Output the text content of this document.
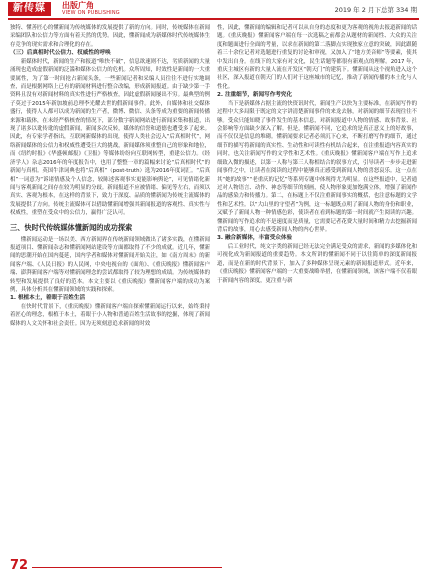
新传媒	出版广角
VIEW ON PUBLISHING	2019 年 2 月下总第 334 期

独特、懂善匠心的懂新闻为传统媒体的发展提供了新的方向。同时，传统媒体在新闻采编团队和公信力等方面有着天然的优势。因此，懂新闻成为新媒体时代传统媒体生存竞争的现实需求和合理化的存在。

（三）后真相时代公信力、权威性的呼唤

新媒体时代，新闻的生产和报道“唯快不破”，信息欲速则不达，劣质新闻的大量涌现也造成虚假新闻的泛滥和媒体公信力的危机。众所周知，时效性是新闻的一大重要属性，为了第一时间抢占新闻头条，一些新闻记者和采编人员往往不进行实地调查，而是根据网络上已有的新闻材料进行整合改编，形成新闻报道。由于缺少第一手资料且没有对新闻材料的真实性进行严格核查，因此虚假新闻屡出不穷。最典型的例子莫过于2015年新加坡前总理李光耀去世的假新闻事件。此外，自媒体和社交媒体盛行，使得人人都可以成为新闻的生产者，微博、微信、头条等成为重要的新闻传播来源和载体，在未经严格核查的情况下，部分数字新闻网站进行新闻采集和报道，出现了诸多以讹传讹的虚假新闻，新闻多次反转，媒体的信誉和道德也遭受多了起来。因此，有专家学者指出，互联网新媒体的出现，使得人类社会迈入“后真相时代”，网络新闻媒体的公信力和权威性遭受巨大的挑战，新闻媒体须重整自己的形象和地位，而《纽约时报》《华盛顿邮报》《卫报》等媒体纷纷向互联网转型，重建公信力。《经济学人》杂志2016年的年度报告中，也用了整整一章的篇幅来讨论“后真相时代”的新闻与真相。英国牛津词典也将“后真相”（post-truth）选为2016年度词汇。“后真相”一词意为“诉诸情感及个人信念，较陈述客观事实更能影响舆论”，可见情绪化新闻与客观新闻之间存在较为明显的分歧。新闻报道不应被情绪、偏见等左右，而须以真实、客观为根本，在这样的背景下，致力于深度、品质的懂新闻为传统主流媒体的发展提供了方向。传统主流媒体可以借助懂新闻增强其新闻报道的客观性、真实性与权威性，重塑在受众中的公信力，赢得广泛认可。

三、快时代传统媒体懂新闻的成功探索

懂新闻运动是一场以美、西方新闻界在传统新闻领域做出了诸多实践，在懂新闻报道项目、懂新闻杂志和懂新闻网站建设等方面都取得了不少的成就。近几年，懂新闻的思潮开始在国内蔓延，国内学者和媒体对懂新闻开始关注，如《南方周末》的新闻客户端、《人民日报》的人民网，中央电视台的《面角》、《重庆晚报》懂新闻客户端、澎湃新闻客户端等对懂新闻理念的尝试都取得了较为理想的成绩。为传统媒体的转型和发展提供了良好的范本。本文主要以《重庆晚报》懂新闻客户端的成功为案例，具体分析其在懂新闻领域的实践和探索。

1. 根植本土，着眼于百姓生活

在快时代背景下，《重庆晚报》懂新闻客户端自探索懂新闻运行以来，始终秉持着匠心的理念，根植于本土，着眼于小人物和普通百姓生活故事的挖掘，体现了新闻媒体的人文关怀和社会责任。因为无须刻意追求新闻的时效

性，因此，懂新闻的编辑和记者可以从自身的态度和更为客观的视角去报道新闻的话题。《重庆晚报》懂新闻客户端在每一次选稿之前都会从题材的新闻性、大众的关注度和题面进行全面的考量，以求在新闻的第二落脚点实现独家立意的突破，因此跟随着三十余位记者对选题进行重复的讨论和审视，又加入了“地方美音师”等要素，使其中发出自身。在线下的大家有对文化，民生话题等都很有新观点的理解。2017 年，重庆主城区有新的大量人流在开发区“朝天门”的建筑下。懂新闻从这个视角进入这个社区，深入报道在朝天门的人们对于这座城市的记忆，推动了新闻传播的本土化与人性化。

2. 注重细节，新闻写作考究化

当下是新媒体占据主流的快资讯时代，新闻生产以快为主要标准，在新闻写作的过程中大多局限于既定的文字讲清楚新闻事件的来龙去脉，对新闻的细节表现往往不够。受众只能知晓了事件发生的基本信息，对新闻报道中人物的情感、故事背景、社会影响等方面缺少深入了解。但是，懂新闻不同，它追求的是真正意义上的好故事，而不仅仅是信息的堆砌。懂新闻要求记者必须沉下心来，不断打磨写作的细节，通过细节的描写将新闻的真实性、生动性和可读性有机结合起来，在注重报道内容真实的同时，也关注新闻写作的文学性和艺术性。《重庆晚报》懂新闻客户端在写作上追求细致入微的描述，以第一人称与第三人称相结合的叙事方式，引导读者一步步走进新闻事件之中，让读者在阅读的过程中能够真正感受到新闻人物的喜怒哀乐。这一点在其“她的故事”“老重庆的记忆”等系列专题中体现得尤为明显。在这些报道中，记者通过对人物语言、动作、神态等细节的刻画，使人物形象更加饱满立体，增强了新闻作品的感染力和传播力。第二，在标题上不仅注重新闻事实的概括，也注意标题的文学性和艺术性。以“大山里的守望者”为例，这一标题既点明了新闻人物的身份和职业，又赋予了新闻人物一种情感色彩，使读者在看到标题的第一时间就产生阅读的兴趣。懂新闻的写作追求的不是速度而是质量，它需要记者花费大量时间和精力去挖掘新闻背后的故事，用心去感受新闻人物的内心世界。

3. 融合新媒体，丰富受众体验

后工业时代，纯文字类的新闻已经无法完全满足受众的需求，新闻的多媒体化和可视化成为新闻报道的重要趋势。本文所讲的懂新闻不同于以往简单的深度新闻报道，而是在新的时代背景下，加入了多种媒体呈现元素的新闻报道形式。近年来，《重庆晚报》懂新闻客户端的一大重要战略举措，在懂新闻领域，该客户端不仅着眼于新闻内容的深度，更注重与新

72
